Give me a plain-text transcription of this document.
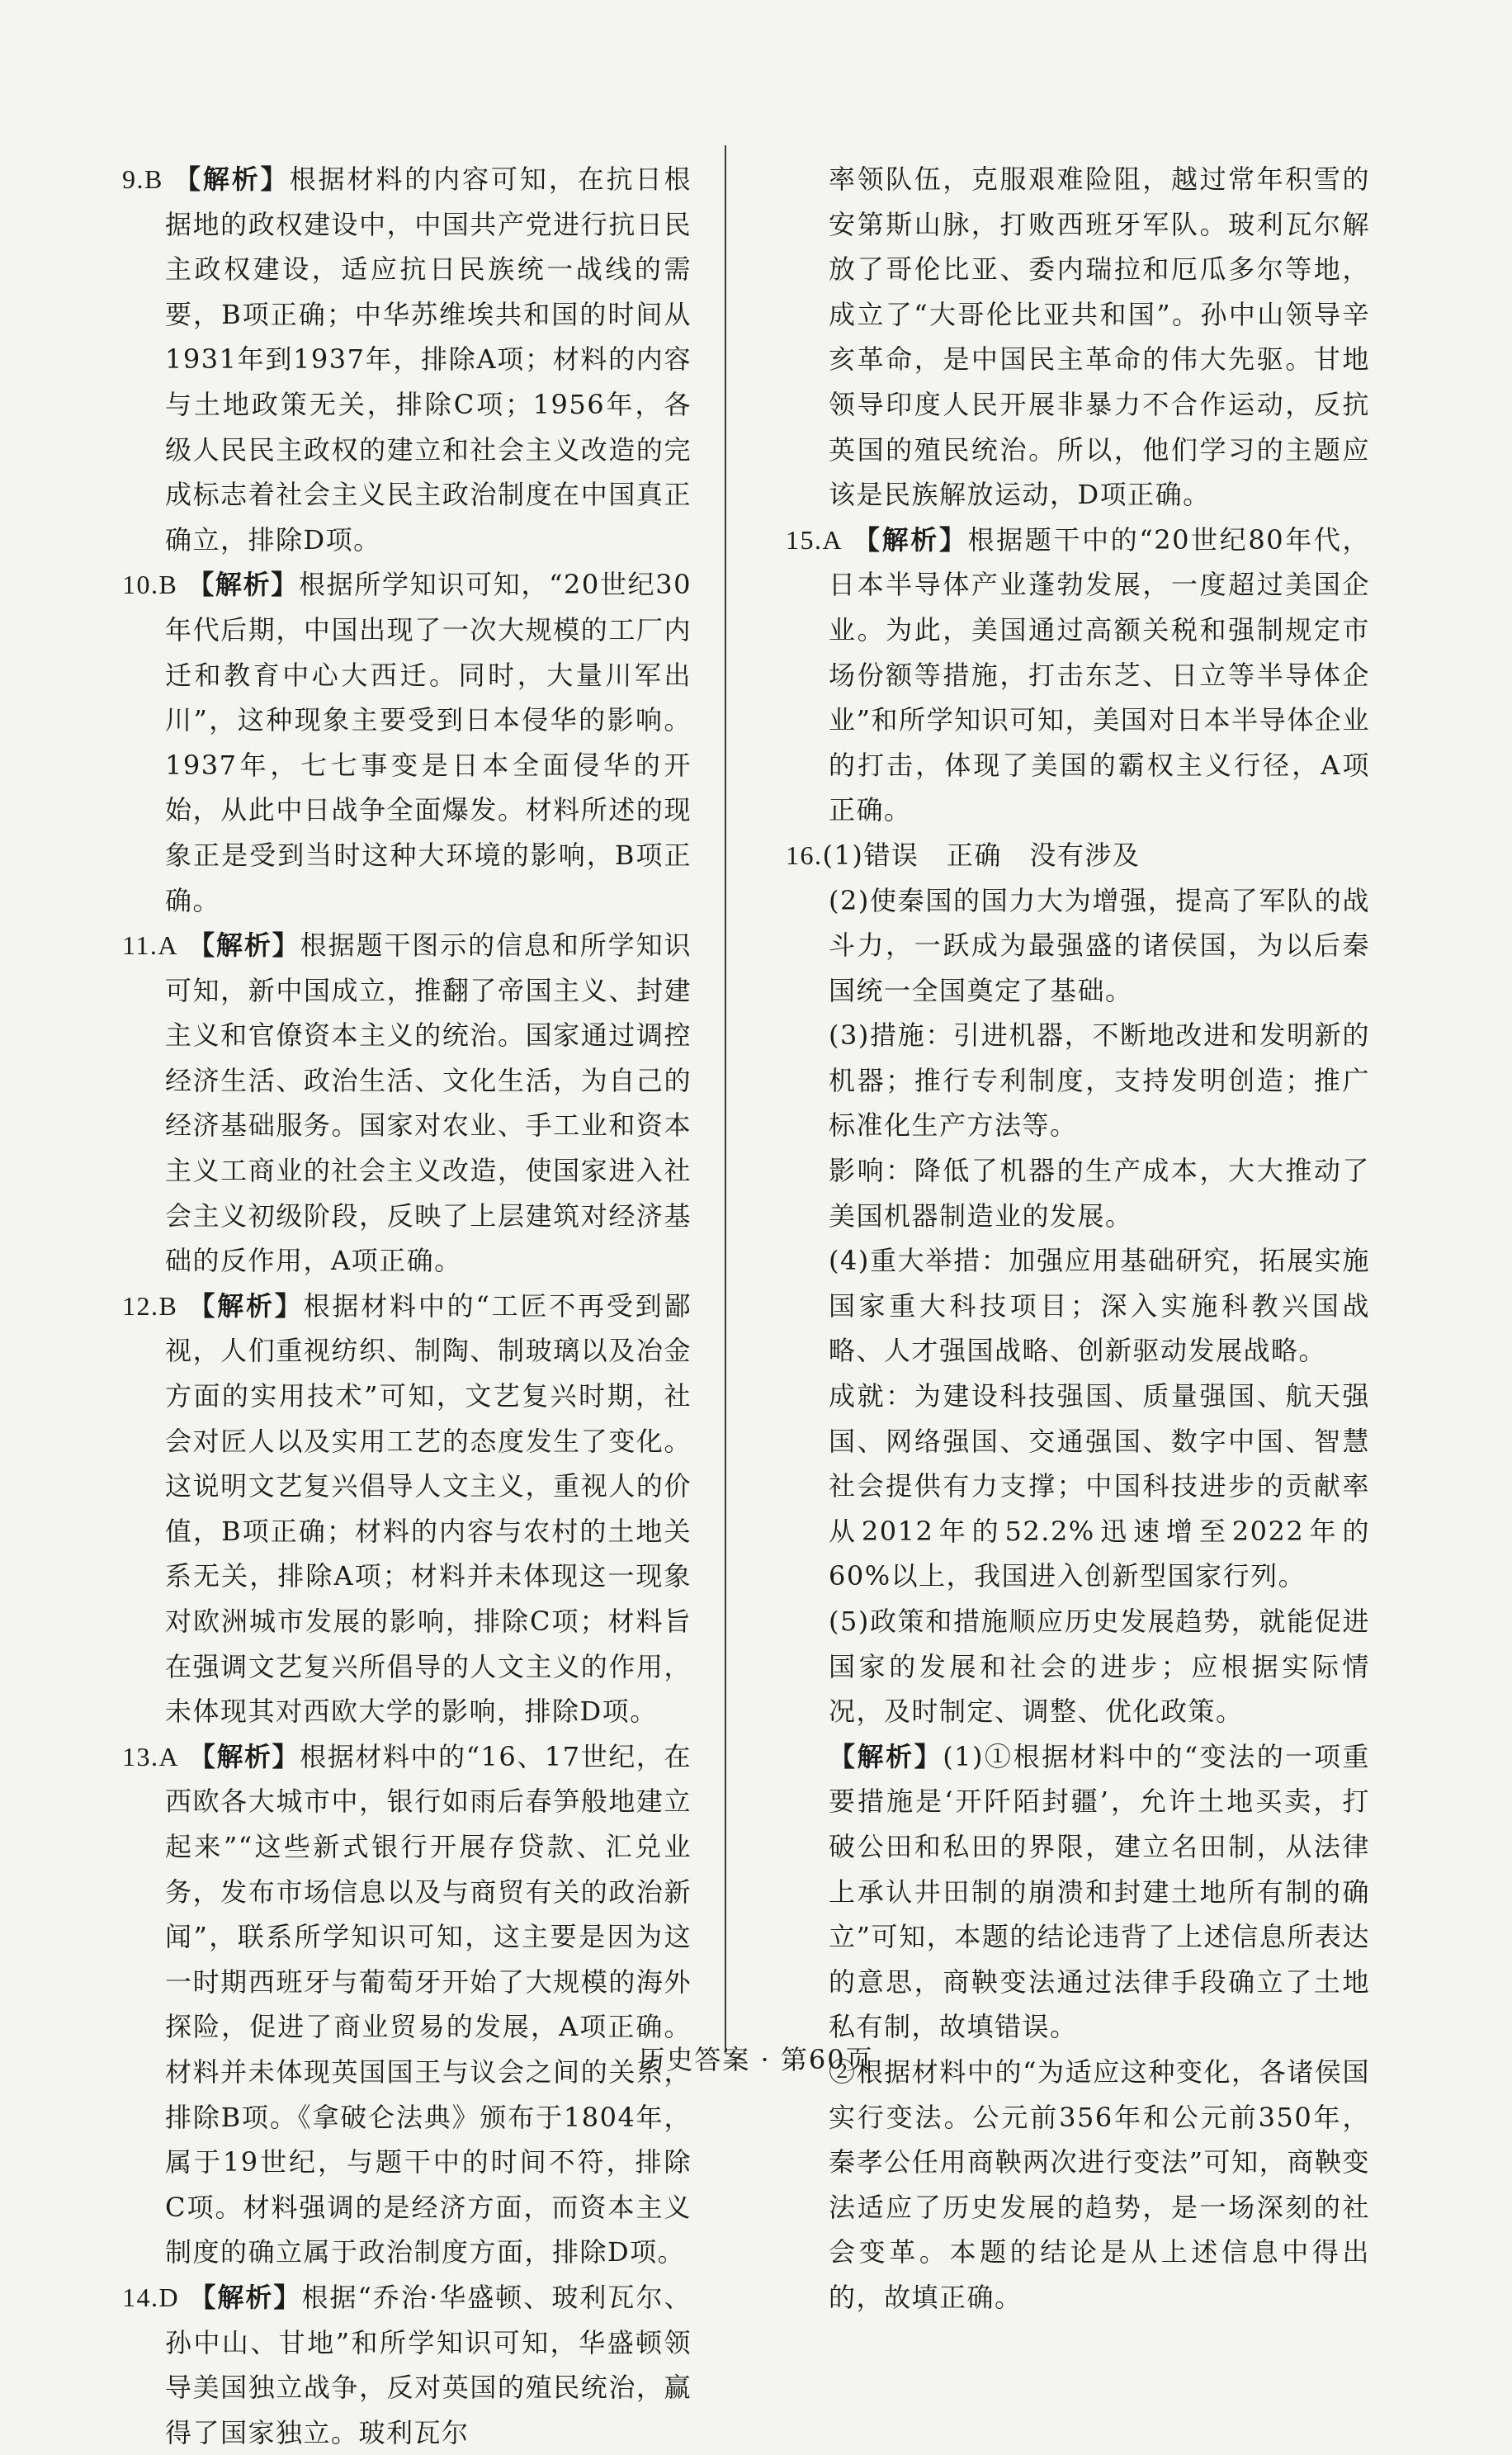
9.B 【解析】根据材料的内容可知，在抗日根据地的政权建设中，中国共产党进行抗日民主政权建设，适应抗日民族统一战线的需要，B项正确；中华苏维埃共和国的时间从1931年到1937年，排除A项；材料的内容与土地政策无关，排除C项；1956年，各级人民民主政权的建立和社会主义改造的完成标志着社会主义民主政治制度在中国真正确立，排除D项。

10.B 【解析】根据所学知识可知，“20世纪30年代后期，中国出现了一次大规模的工厂内迁和教育中心大西迁。同时，大量川军出川”，这种现象主要受到日本侵华的影响。1937年，七七事变是日本全面侵华的开始，从此中日战争全面爆发。材料所述的现象正是受到当时这种大环境的影响，B项正确。

11.A 【解析】根据题干图示的信息和所学知识可知，新中国成立，推翻了帝国主义、封建主义和官僚资本主义的统治。国家通过调控经济生活、政治生活、文化生活，为自己的经济基础服务。国家对农业、手工业和资本主义工商业的社会主义改造，使国家进入社会主义初级阶段，反映了上层建筑对经济基础的反作用，A项正确。

12.B 【解析】根据材料中的“工匠不再受到鄙视，人们重视纺织、制陶、制玻璃以及冶金方面的实用技术”可知，文艺复兴时期，社会对匠人以及实用工艺的态度发生了变化。这说明文艺复兴倡导人文主义，重视人的价值，B项正确；材料的内容与农村的土地关系无关，排除A项；材料并未体现这一现象对欧洲城市发展的影响，排除C项；材料旨在强调文艺复兴所倡导的人文主义的作用，未体现其对西欧大学的影响，排除D项。

13.A 【解析】根据材料中的“16、17世纪，在西欧各大城市中，银行如雨后春笋般地建立起来”“这些新式银行开展存贷款、汇兑业务，发布市场信息以及与商贸有关的政治新闻”，联系所学知识可知，这主要是因为这一时期西班牙与葡萄牙开始了大规模的海外探险，促进了商业贸易的发展，A项正确。材料并未体现英国国王与议会之间的关系，排除B项。《拿破仑法典》颁布于1804年，属于19世纪，与题干中的时间不符，排除C项。材料强调的是经济方面，而资本主义制度的确立属于政治制度方面，排除D项。

14.D 【解析】根据“乔治·华盛顿、玻利瓦尔、孙中山、甘地”和所学知识可知，华盛顿领导美国独立战争，反对英国的殖民统治，赢得了国家独立。玻利瓦尔

率领队伍，克服艰难险阻，越过常年积雪的安第斯山脉，打败西班牙军队。玻利瓦尔解放了哥伦比亚、委内瑞拉和厄瓜多尔等地，成立了“大哥伦比亚共和国”。孙中山领导辛亥革命，是中国民主革命的伟大先驱。甘地领导印度人民开展非暴力不合作运动，反抗英国的殖民统治。所以，他们学习的主题应该是民族解放运动，D项正确。

15.A 【解析】根据题干中的“20世纪80年代，日本半导体产业蓬勃发展，一度超过美国企业。为此，美国通过高额关税和强制规定市场份额等措施，打击东芝、日立等半导体企业”和所学知识可知，美国对日本半导体企业的打击，体现了美国的霸权主义行径，A项正确。

16.(1)错误　正确　没有涉及

(2)使秦国的国力大为增强，提高了军队的战斗力，一跃成为最强盛的诸侯国，为以后秦国统一全国奠定了基础。

(3)措施：引进机器，不断地改进和发明新的机器；推行专利制度，支持发明创造；推广标准化生产方法等。

影响：降低了机器的生产成本，大大推动了美国机器制造业的发展。

(4)重大举措：加强应用基础研究，拓展实施国家重大科技项目；深入实施科教兴国战略、人才强国战略、创新驱动发展战略。

成就：为建设科技强国、质量强国、航天强国、网络强国、交通强国、数字中国、智慧社会提供有力支撑；中国科技进步的贡献率从2012年的52.2%迅速增至2022年的60%以上，我国进入创新型国家行列。

(5)政策和措施顺应历史发展趋势，就能促进国家的发展和社会的进步；应根据实际情况，及时制定、调整、优化政策。

【解析】(1)①根据材料中的“变法的一项重要措施是‘开阡陌封疆’，允许土地买卖，打破公田和私田的界限，建立名田制，从法律上承认井田制的崩溃和封建土地所有制的确立”可知，本题的结论违背了上述信息所表达的意思，商鞅变法通过法律手段确立了土地私有制，故填错误。

②根据材料中的“为适应这种变化，各诸侯国实行变法。公元前356年和公元前350年，秦孝公任用商鞅两次进行变法”可知，商鞅变法适应了历史发展的趋势，是一场深刻的社会变革。本题的结论是从上述信息中得出的，故填正确。

历史答案 · 第60页
